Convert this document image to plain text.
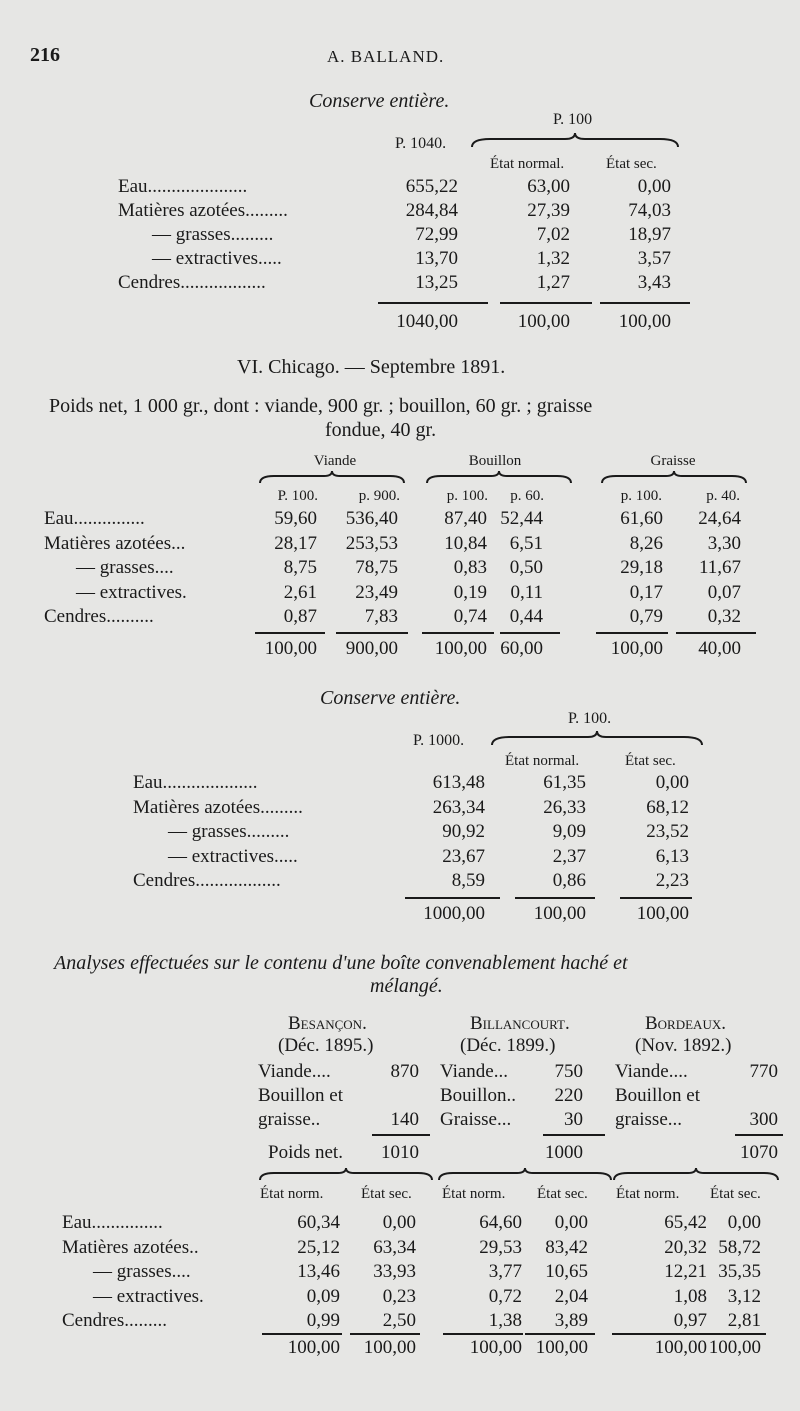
216	A. BALLAND.
Conserve entière.
P. 100
P. 1040.
État normal.	État sec.
Eau.....................	655,22	63,00	0,00
Matières azotées.........	284,84	27,39	74,03
— grasses.........	72,99	7,02	18,97
— extractives.....	13,70	1,32	3,57
Cendres..................	13,25	1,27	3,43
1040,00	100,00	100,00
VI. Chicago. — Septembre 1891.
Poids net, 1 000 gr., dont : viande, 900 gr. ; bouillon, 60 gr. ; graisse
fondue, 40 gr.
Viande	Bouillon	Graisse
P. 100.	p. 900.	p. 100.	p. 60.	p. 100.	p. 40.
Eau...............	59,60	536,40	87,40 52,44	61,60	24,64
Matières azotées...	28,17	253,53	10,84	6,51	8,26	3,30
— grasses....	8,75	78,75	0,83	0,50	29,18	11,67
— extractives.	2,61	23,49	0,19	0,11	0,17	0,07
Cendres..........	0,87	7,83	0,74	0,44	0,79	0,32
100,00	900,00	100,00 60,00	100,00	40,00
Conserve entière.
P. 100.
P. 1000.
État normal.	État sec.
Eau....................	613,48	61,35	0,00
Matières azotées.........	263,34	26,33	68,12
— grasses.........	90,92	9,09	23,52
— extractives.....	23,67	2,37	6,13
Cendres..................	8,59	0,86	2,23
1000,00	100,00	100,00
Analyses effectuées sur le contenu d'une boîte convenablement haché et
mélangé.
Besançon.
(Déc. 1895.)
Viande....	870
Bouillon et
graisse..	140
Billancourt.
(Déc. 1899.)
Viande...	750
Bouillon..	220
Graisse...	30
Bordeaux.
(Nov. 1892.)
Viande....	770
Bouillon et
graisse...	300
Poids net.	1010	1000	1070
État norm.	État sec. État norm. État sec. État norm. État sec.
Eau...............	60,34	0,00	64,60	0,00	65,42	0,00
Matières azotées..	25,12	63,34	29,53	83,42	20,32 58,72
— grasses....	13,46	33,93	3,77	10,65	12,21 35,35
— extractives.	0,09	0,23	0,72	2,04	1,08	3,12
Cendres.........	0,99	2,50	1,38	3,89	0,97	2,81
100,00	100,00	100,00 100,00	100,00 100,00
